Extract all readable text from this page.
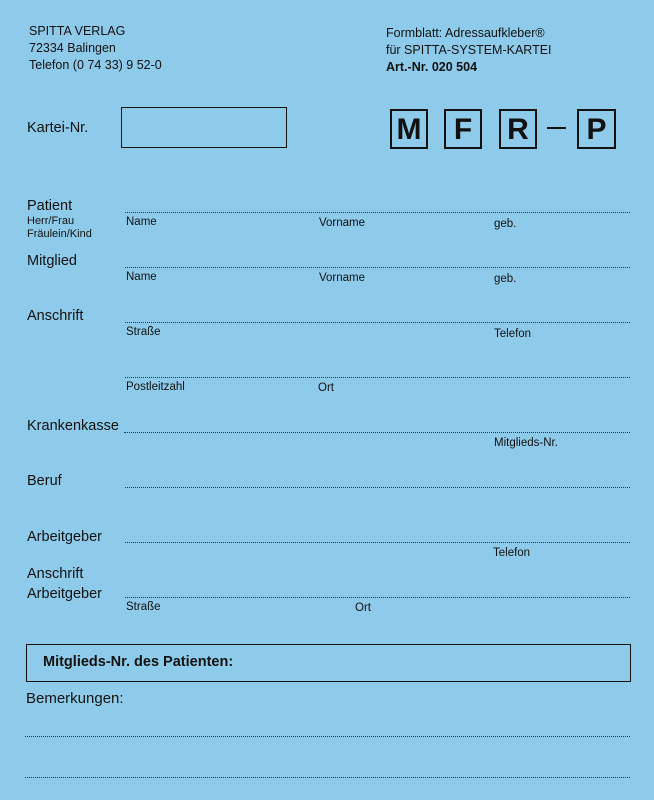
SPITTA VERLAG
72334 Balingen
Telefon (0 74 33) 9 52-0
Formblatt: Adressaufkleber®
für SPITTA-SYSTEM-KARTEI
Art.-Nr. 020 504
Kartei-Nr.	M	F	R	P
Patient
Herr/Frau
Fräulein/Kind
Name	Vorname	geb.
Mitglied
Name	Vorname	geb.
Anschrift
Straße	Telefon
Postleitzahl	Ort
Krankenkasse
Mitglieds-Nr.
Beruf
Arbeitgeber
Telefon
Anschrift
Arbeitgeber
Straße	Ort
Mitglieds-Nr. des Patienten:
Bemerkungen:
